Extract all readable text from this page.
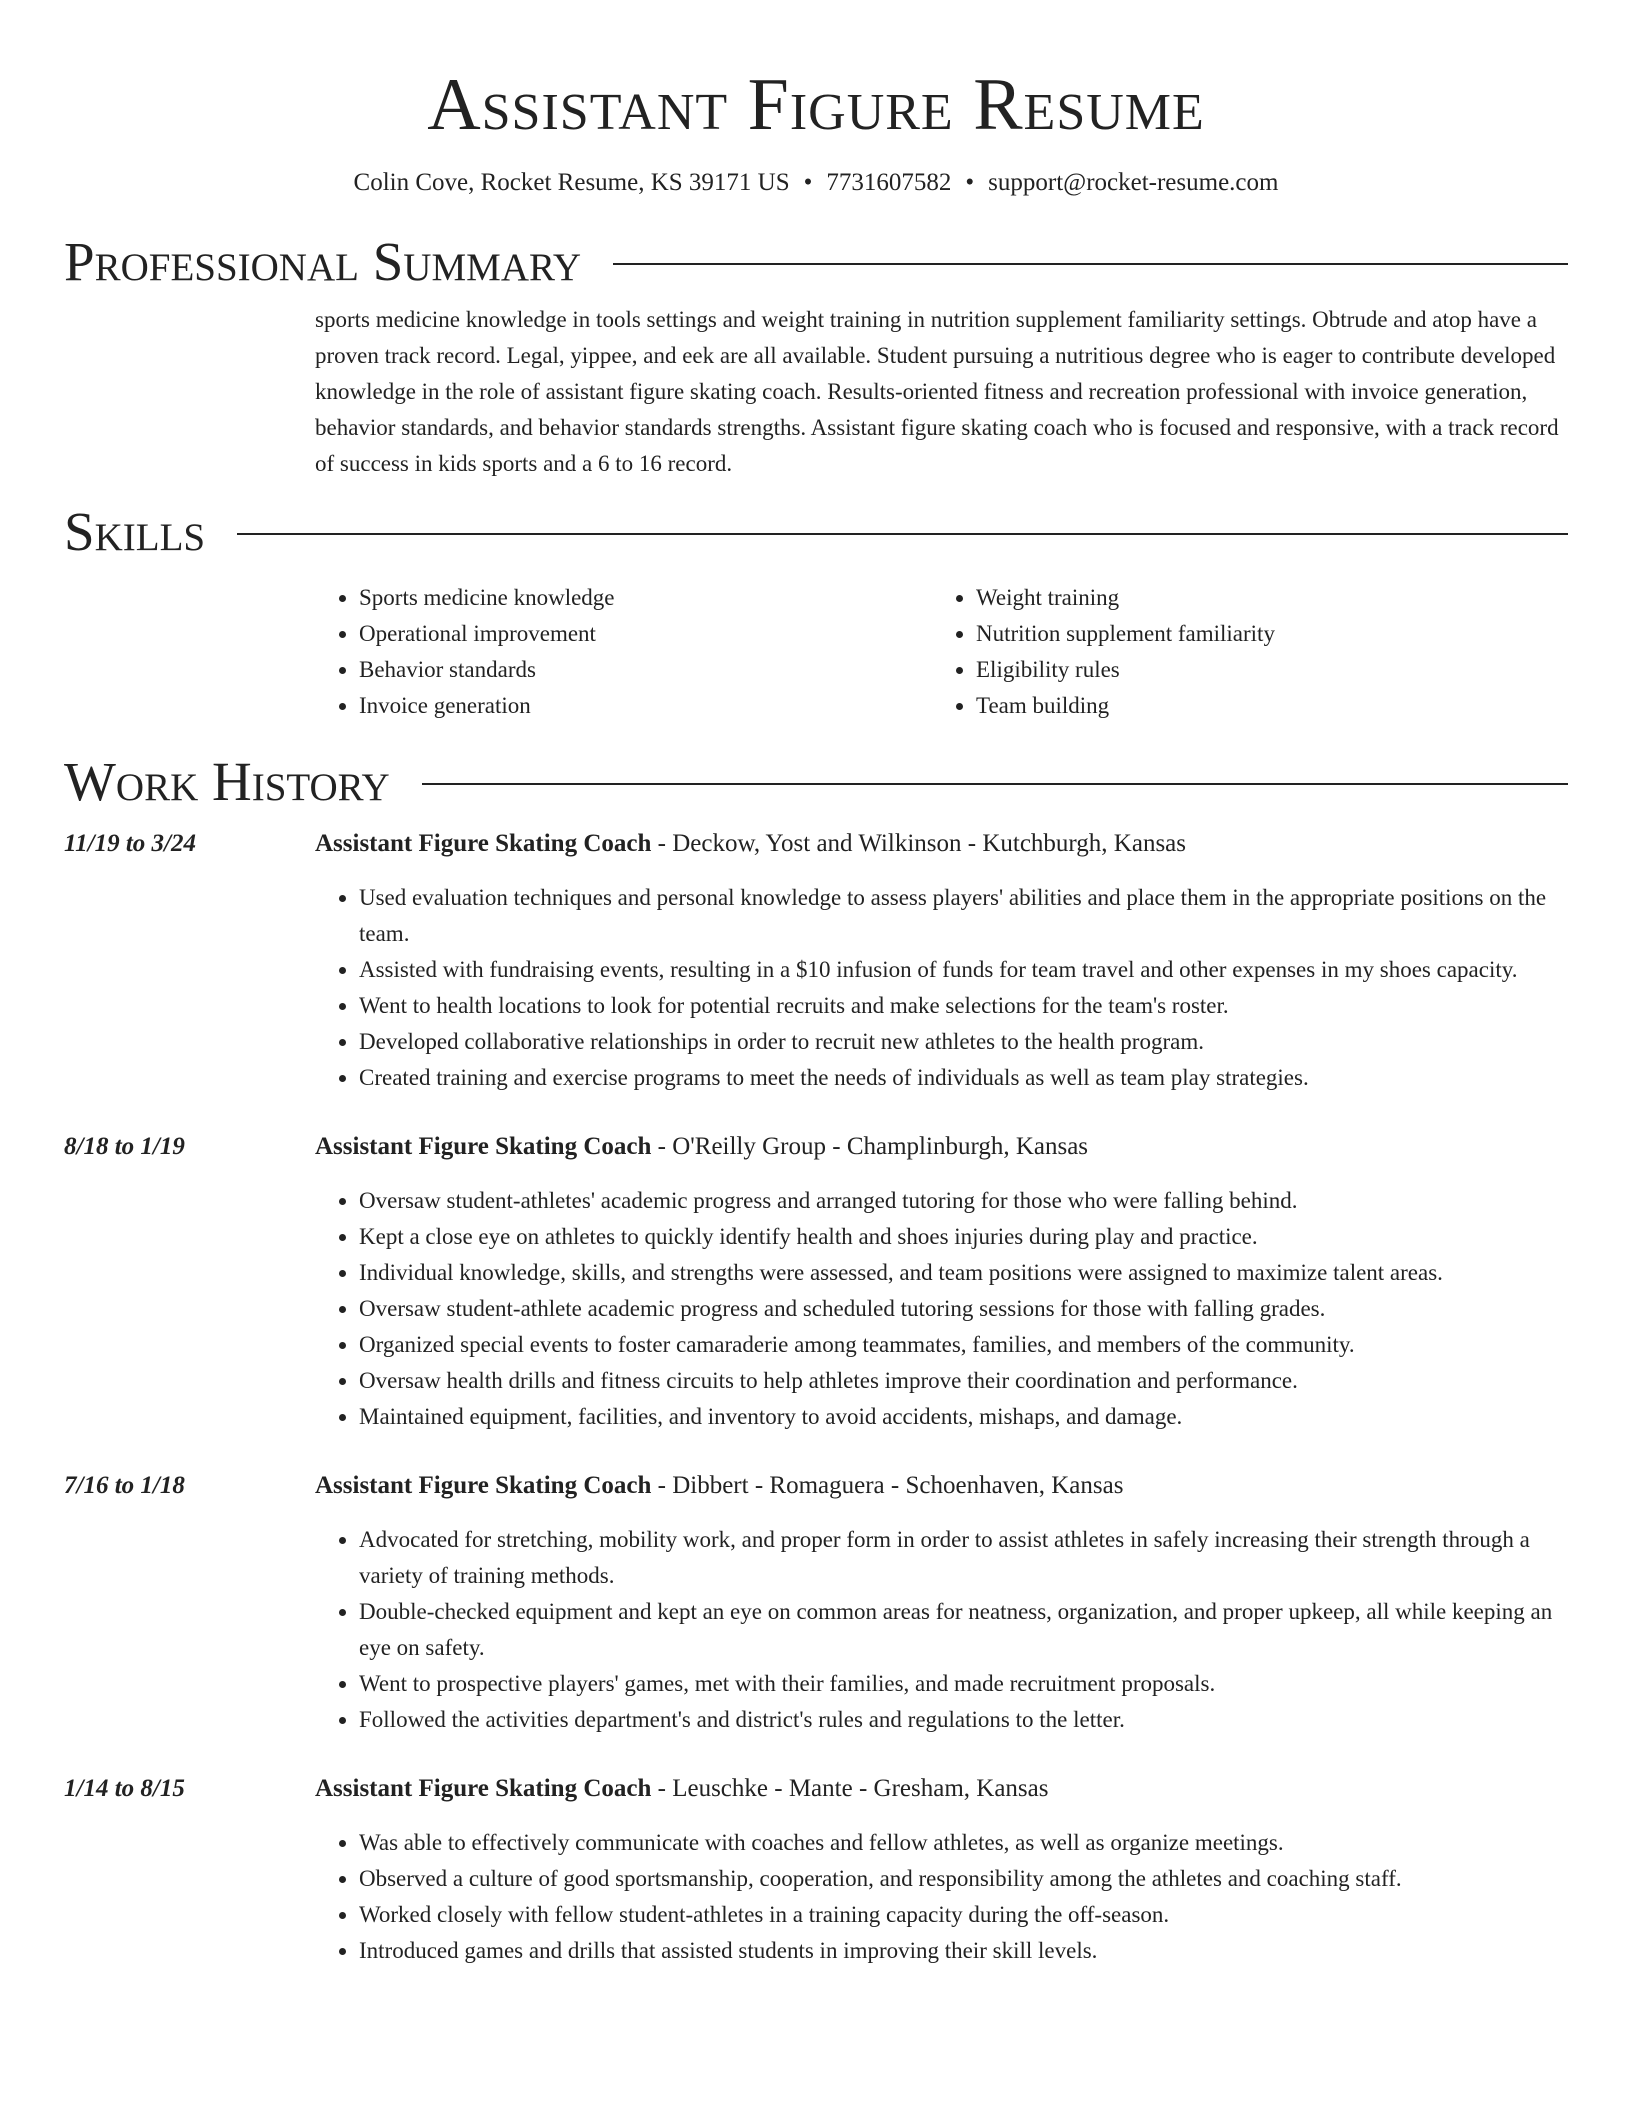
Assistant Figure Resume
Colin Cove, Rocket Resume, KS 39171 US • 7731607582 • support@rocket-resume.com
Professional Summary

sports medicine knowledge in tools settings and weight training in nutrition supplement familiarity settings. Obtrude and atop have a proven track record. Legal, yippee, and eek are all available. Student pursuing a nutritious degree who is eager to contribute developed knowledge in the role of assistant figure skating coach. Results-oriented fitness and recreation professional with invoice generation, behavior standards, and behavior standards strengths. Assistant figure skating coach who is focused and responsive, with a track record of success in kids sports and a 6 to 16 record.

Skills
• Sports medicine knowledge
• Operational improvement
• Behavior standards
• Invoice generation
• Weight training
• Nutrition supplement familiarity
• Eligibility rules
• Team building
Work History
11/19 to 3/24	Assistant Figure Skating Coach - Deckow, Yost and Wilkinson - Kutchburgh, Kansas
• Used evaluation techniques and personal knowledge to assess players' abilities and place them in the appropriate positions on the team.
• Assisted with fundraising events, resulting in a $10 infusion of funds for team travel and other expenses in my shoes capacity.
• Went to health locations to look for potential recruits and make selections for the team's roster.
• Developed collaborative relationships in order to recruit new athletes to the health program.
• Created training and exercise programs to meet the needs of individuals as well as team play strategies.
8/18 to 1/19	Assistant Figure Skating Coach - O'Reilly Group - Champlinburgh, Kansas
• Oversaw student-athletes' academic progress and arranged tutoring for those who were falling behind.
• Kept a close eye on athletes to quickly identify health and shoes injuries during play and practice.
• Individual knowledge, skills, and strengths were assessed, and team positions were assigned to maximize talent areas.
• Oversaw student-athlete academic progress and scheduled tutoring sessions for those with falling grades.
• Organized special events to foster camaraderie among teammates, families, and members of the community.
• Oversaw health drills and fitness circuits to help athletes improve their coordination and performance.
• Maintained equipment, facilities, and inventory to avoid accidents, mishaps, and damage.
7/16 to 1/18	Assistant Figure Skating Coach - Dibbert - Romaguera - Schoenhaven, Kansas
• Advocated for stretching, mobility work, and proper form in order to assist athletes in safely increasing their strength through a variety of training methods.
• Double-checked equipment and kept an eye on common areas for neatness, organization, and proper upkeep, all while keeping an eye on safety.
• Went to prospective players' games, met with their families, and made recruitment proposals.
• Followed the activities department's and district's rules and regulations to the letter.
1/14 to 8/15	Assistant Figure Skating Coach - Leuschke - Mante - Gresham, Kansas
• Was able to effectively communicate with coaches and fellow athletes, as well as organize meetings.
• Observed a culture of good sportsmanship, cooperation, and responsibility among the athletes and coaching staff.
• Worked closely with fellow student-athletes in a training capacity during the off-season.
• Introduced games and drills that assisted students in improving their skill levels.
